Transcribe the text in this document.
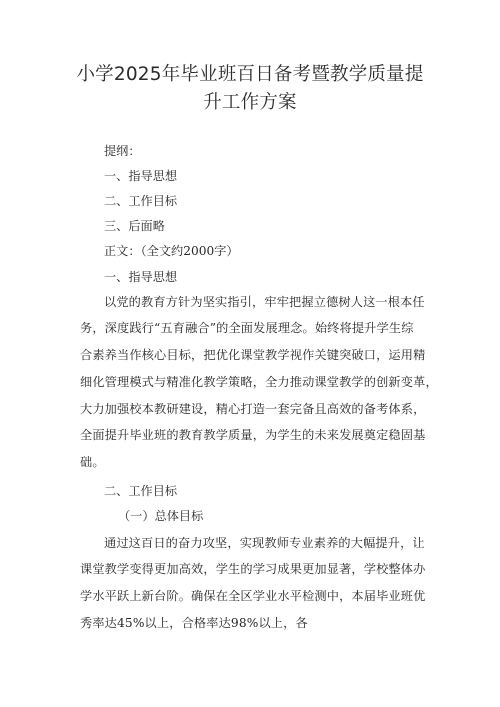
小学2025年毕业班百日备考暨教学质量提
升工作方案
提纲：
一、指导思想
二、工作目标
三、后面略
正文：（全文约2000字）
一、指导思想
以党的教育方针为坚实指引，牢牢把握立德树人这一根本任
务，深度践行“五育融合”的全面发展理念。始终将提升学生综
合素养当作核心目标，把优化课堂教学视作关键突破口，运用精
细化管理模式与精准化教学策略，全力推动课堂教学的创新变革，
大力加强校本教研建设，精心打造一套完备且高效的备考体系，
全面提升毕业班的教育教学质量，为学生的未来发展奠定稳固基
础。
二、工作目标
（一）总体目标
通过这百日的奋力攻坚，实现教师专业素养的大幅提升，让
课堂教学变得更加高效，学生的学习成果更加显著，学校整体办
学水平跃上新台阶。确保在全区学业水平检测中，本届毕业班优
秀率达45%以上，合格率达98%以上，各
